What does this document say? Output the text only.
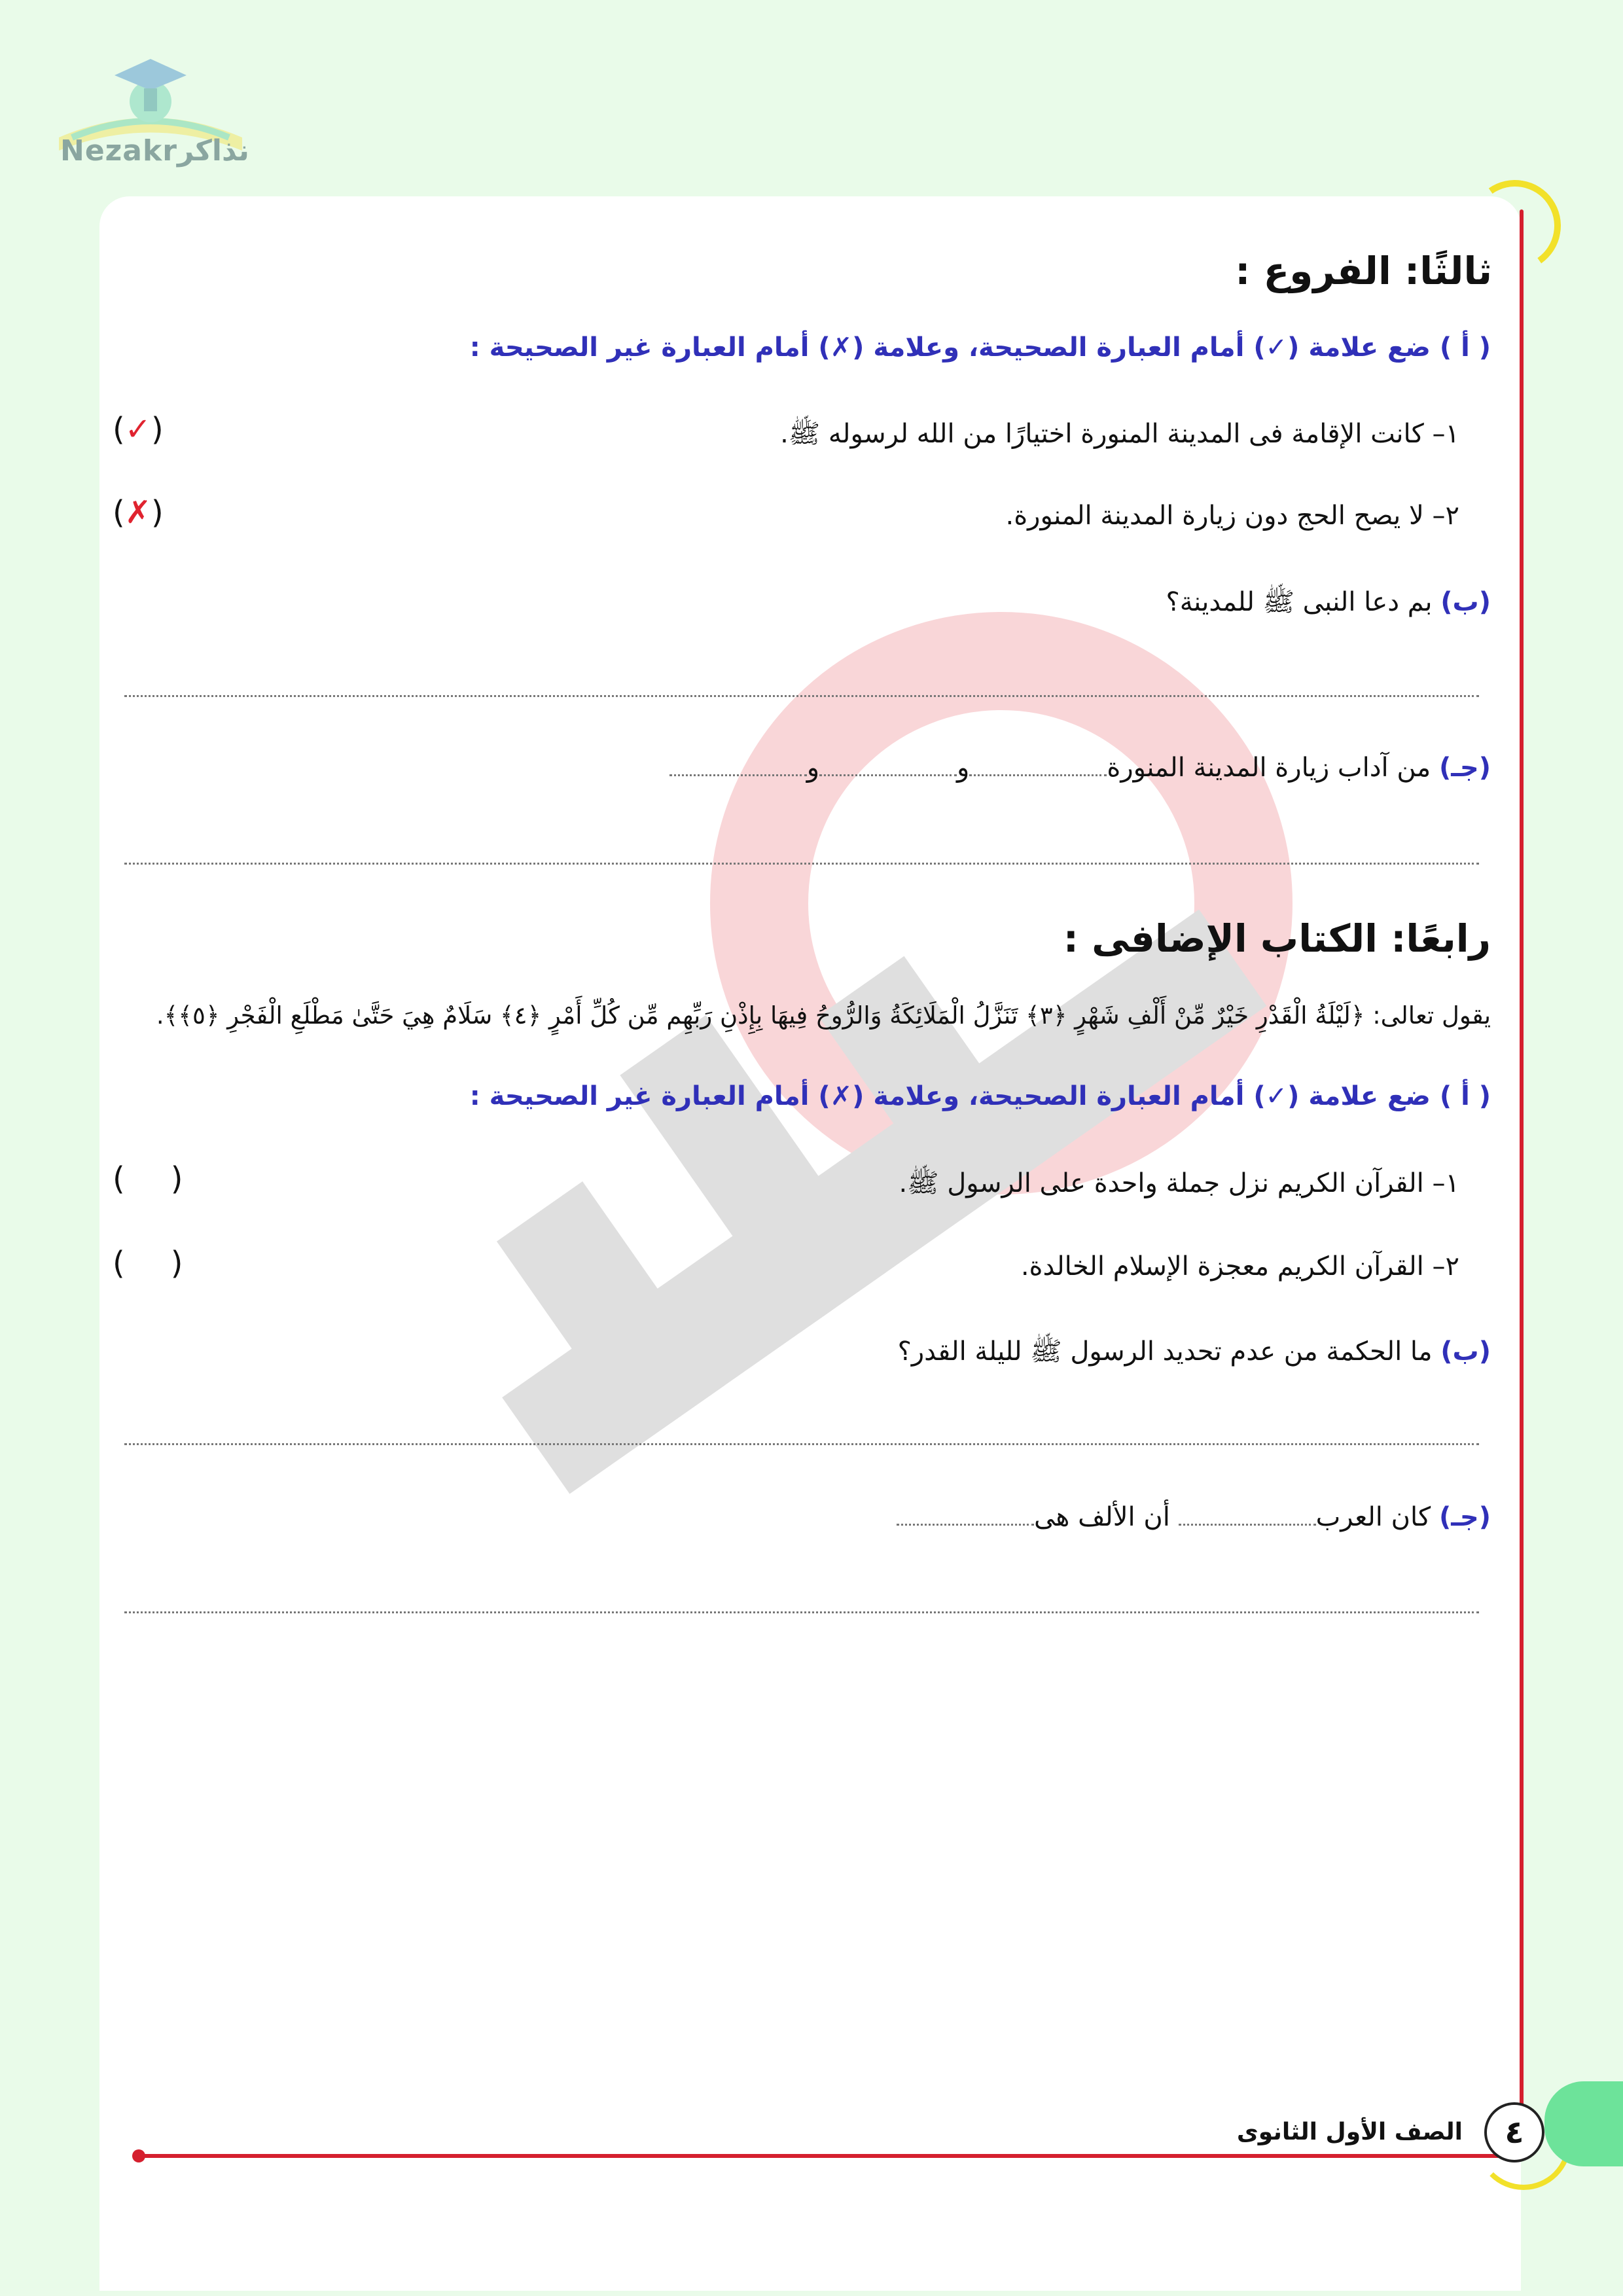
Nezakrنذاكر
ثالثًا: الفروع :
( أ ) ضع علامة (✓) أمام العبارة الصحيحة، وعلامة (✗) أمام العبارة غير الصحيحة :
١– كانت الإقامة فى المدينة المنورة اختيارًا من الله لرسوله ﷺ.
(✓)
٢– لا يصح الحج دون زيارة المدينة المنورة.
(✗)
(ب) بم دعا النبى ﷺ للمدينة؟
(جـ) من آداب زيارة المدينة المنورةوو
رابعًا: الكتاب الإضافى :
يقول تعالى: ﴿لَيْلَةُ الْقَدْرِ خَيْرٌ مِّنْ أَلْفِ شَهْرٍ ﴿٣﴾ تَنَزَّلُ الْمَلَائِكَةُ وَالرُّوحُ فِيهَا بِإِذْنِ رَبِّهِم مِّن كُلِّ أَمْرٍ ﴿٤﴾ سَلَامٌ هِيَ حَتَّىٰ مَطْلَعِ الْفَجْرِ ﴿٥﴾﴾.
( أ ) ضع علامة (✓) أمام العبارة الصحيحة، وعلامة (✗) أمام العبارة غير الصحيحة :
١– القرآن الكريم نزل جملة واحدة على الرسول ﷺ.
( )
٢– القرآن الكريم معجزة الإسلام الخالدة.
( )
(ب) ما الحكمة من عدم تحديد الرسول ﷺ لليلة القدر؟
(جـ) كان العرب أن الألف هى
٤
الصف الأول الثانوى
